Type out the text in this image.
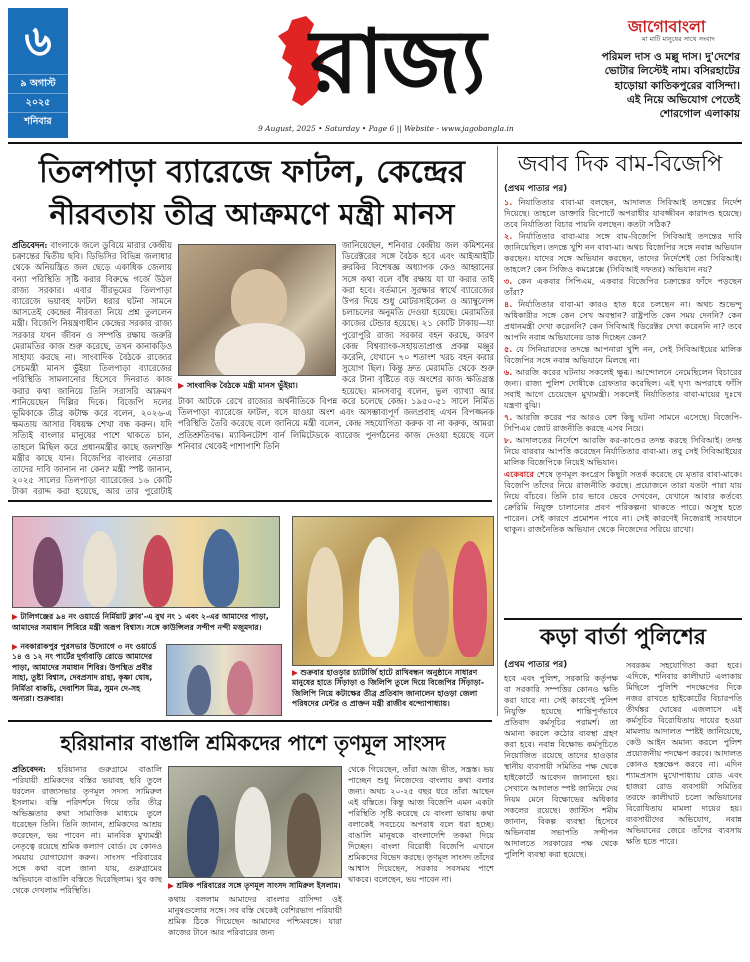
৬
৯ অগাস্ট
২০২৫
শনিবার
রাজ্য
9 August, 2025 • Saturday • Page 6 || Website - www.jagobangla.in
জাগোবাংলা
মা মাটি মানুষের সাথে সংবাদ
পরিমল দাস ও মল্লু দাস। দু'দেশের ভোটার লিস্টেই নাম। বসিরহাটের হাড়োয়া কাতিকপুরের বাসিন্দা। এই নিয়ে অভিযোগ পেতেই শোরগোল এলাকায়
তিলপাড়া ব্যারেজে ফাটল, কেন্দ্রের
নীরবতায় তীব্র আক্রমণে মন্ত্রী মানস
প্রতিবেদন: বাংলাকে জলে ডুবিয়ে মারার কেন্দ্রীয় চক্রান্তের দ্বিতীয় ছবি। ডিভিসির বিভিন্ন জলাধার থেকে অনিয়ন্ত্রিত জল ছেড়ে একাধিক জেলায় বন্যা পরিস্থিতি সৃষ্টি করার বিরুদ্ধে গর্জে উঠল রাজ্য সরকার। এবার বীরভূমের তিলপাড়া ব্যারেজে ভয়াবহ ফাটল ধরার ঘটনা সামনে আসতেই কেন্দ্রের নীরবতা নিয়ে প্রশ্ন তুললেন মন্ত্রী। বিজেপি নিয়ন্ত্রণাধীন কেন্দ্রের সরকার রাজ্য সরকার যখন জীবন ও সম্পত্তি রক্ষায় জরুরি মেরামতির কাজ শুরু করেছে, তখন কানাকড়িও সাহায্য করছে না। সাংবাদিক বৈঠকে রাজ্যের সেচমন্ত্রী মানস ভুঁইয়া তিলপাড়া ব্যারেজের পরিস্থিতি সামলানোর হিসেবে দিনরাত কাজ করার কথা জানিয়ে তিনি সরাসরি আক্রমণ শানিয়েছেন দিল্লির দিকে। বিজেপি দলের ভূমিকাকে তীব্র কটাক্ষ করে বলেন, ২০২৬-এ ক্ষমতায় আসার বিষয়ক্ষ শেখা বন্ধ করুন। যদি সত্যিই বাংলার মানুষের পাশে থাকতে চান, তাহলে মিছিল করে প্রধানমন্ত্রীর কাছে জলশক্তি মন্ত্রীর কাছে যান। বিজেপির বাংলার নেতারা তাদের দাবি জানান না কেন? মন্ত্রী স্পষ্ট জানান, ২০২৫ সালের তিলপাড়া ব্যারেজের ১৬ কোটি টাকা বরাদ্দ করা হয়েছে, আর তার পুরোটাই
▶ সাংবাদিক বৈঠকে মন্ত্রী মানস ভুঁইয়া।
জানিয়েছেন, শনিবার কেন্দ্রীয় জল কমিশনের ডিরেক্টরের সঙ্গে বৈঠক হবে এবং আইআইটি রুরকির বিশেষজ্ঞ অধ্যাপক কেও আহ্বানের সঙ্গে কথা বলে বাঁধ রক্ষায় যা যা করার তাই করা হবে। বর্তমানে সুরক্ষার স্বার্থে ব্যারেজের উপর দিয়ে শুধু মোটরসাইকেল ও অ্যাম্বুলেন্স চলাচলের অনুমতি দেওয়া হয়েছে। মেরামতির কাজের টেন্ডার হয়েছে। ২১ কোটি টাকায়—যা পুরোপুরি রাজ্য সরকার বহন করছে, কারণ কেন্দ্র বিশ্বব্যাংক-সহায়তাপ্রাপ্ত প্রকল্প মঞ্জুর করেনি, যেখানে ৭০ শতাংশ খরচ বহন করার সুযোগ ছিল। কিন্তু দ্রুত মেরামতি থেকে শুরু করে টানা বৃষ্টিতে বড় অংশের কাজ ক্ষতিগ্রস্ত হয়েছে। মানসবাবু বলেন, ভুল ব্যাখ্যা আর
টাকা আটকে রেখে রাজ্যের অর্থনীতিকে বিপন্ন করে চলেছে কেন্দ্র। ১৯৫০-৫১ সালে নির্মিত তিলপাড়া ব্যারেজে ফাটল, বসে যাওয়া অংশ এবং অসম্ভাব্যপূর্ণ জলপ্রবাহ এখন বিপজ্জনক পরিস্থিতি তৈরি করেছে বলে জানিয়ে মন্ত্রী বলেন, কেন্দ্র সহযোগিতা করুক বা না করুক, আমরা প্রতিশ্রুতিবদ্ধ। ম্যাকিনটোশ বার্ন লিমিটেডকে ব্যারেজ পুনর্গঠনের কাজ দেওয়া হয়েছে বলে শনিবার থেকেই পাশাপাশি তিনি
জবাব দিক বাম-বিজেপি
(প্রথম পাতার পর)

১. নিযাতিতার বাবা-মা বলছেন, আদালত সিবিআই তদন্তের নির্দেশ দিয়েছে। তাহলে ডাক্তারি রিপোর্টে অপরাধীর যাবজ্জীবন কারাদণ্ড হয়েছে। তবে নির্যাতিতা বিচার পায়নি বলছেন। কতটা সঠিক?

২. নির্যাতিতার বাবা-মার সঙ্গে বাম-বিজেপি সিবিআই তদন্তের দাবি জানিয়েছিল। তদন্তে খুশি নন বাবা-মা। অথচ বিজেপির সঙ্গে নবান্ন অভিযান করছেন। যাদের সঙ্গে অভিযান করছেন, তাদের নির্দেশেই তো সিবিআই। তাহলে? কেন সিজিও কমপ্লেক্সে (সিবিআই দফতর) অভিযান নয়?

৩. কেন একবার সিপিএম, একবার বিজেপির চক্রান্তের ফাঁদে পড়ছেন তাঁরা?

৪. নির্যাতিতার বাবা-মা কারও হাত ধরে চলছেন না। অথচ শুভেন্দু অধিকারীর সঙ্গে কেন সেখ অবস্থান? রাষ্ট্রপতি কেন সময় দেননি? কেন প্রধানমন্ত্রী দেখা করেননি? কেন সিবিআই ডিরেক্টর দেখা করেননি না? তবে আপনি নবান্ন অভিযানের ডাক দিচ্ছেন কেন?

৫. যে সিনিয়ারদের তদন্তে আপনারা খুশি নন, সেই সিবিআইয়ের মালিক বিজেপির সঙ্গে নবান্ন অভিযানে মিলছে না।

৬. আরজি করের ঘটনায় সকলেই ক্ষুব্ধ। আন্দোলনে নেমেছিলেন বিচারের জন্য। রাজ্য পুলিশ দোষীকে গ্রেফতার করেছিল। এই ঘৃণ্য অপরাধে ফাঁসি সবাই আগে চেয়েছেন মুখ্যমন্ত্রী। সকলেই নির্যাতিতার বাবা-মায়ের দুঃখে যন্ত্রণা বুঝি।

৭. আরজি করের পর আরও বেশ কিছু ঘটনা সামনে এসেছে। বিজেপি-সিপিএম জোট রাজনীতি করছে এসব নিয়ে।

৮. আদালতের নির্দেশে আরজি কর-কাণ্ডের তদন্ত করছে সিবিআই। তদন্ত নিয়ে বারবার আপত্তি করেছেন নির্যাতিতার বাবা-মা। তবু সেই সিবিআইয়ের মালিক বিজেপিকে নিয়েই অভিযান।

একেবারে শেষে তৃণমূল কংগ্রেস কিছুটা সতর্ক করেছে যে মৃতার বাবা-মাকে। বিজেপি তাঁদের নিয়ে রাজনীতি করছে। প্রয়োজনে তারা যতটা পারা যায় নিয়ে বাঁচবে। তিনি চার ভাবে ভেবে দেখবেন, যেখানে আবার কর্তব্যে ক্রেরিমি নিযুক্ত চালানোর প্রবণ পরিকল্পনা থাকতে পারে। অসুস্থ হতে পারেন। সেই কারণে প্রমোশন পাবে না। সেই কারণেই নিজেরাই সাবধানে থাকুন। রাজনৈতিক অভিযান থেকে নিজেদের সরিয়ে রাখো।

▶ টালিগঞ্জের ৯৪ নং ওয়ার্ডে নির্মিয়াট ক্লাব'-এ বুথ নং ১ এবং ২-এর আমাদের পাড়া, আমাদের সমাধান শিবিরে মন্ত্রী অরূপ বিশ্বাস। সঙ্গে কাউন্সিলর সন্দীপ নন্দী মজুমদার।
▶ নবকারাকপুর পুরসভার উদ্যোগে ৩ নং ওয়ার্ডে ১৪ ও ১২ নং পার্টের দুর্গাবাড়ি রোডে আমাদের পাড়া, আমাদের সমাধান শিবির। উপস্থিত প্রবীর সাহা, তুষ্টা বিশ্বাস, দেবপ্রসাদ রাহা, কৃষ্ণা ঘোষ, নির্মিতা বাকচি, দেবাশিস মিত্র, সুমন দে-সহ অন্যরা। শুক্রবার।
▶ শুক্রবার হাওড়ার চ্যাটার্জি হাটে রাখিবন্ধন অনুষ্ঠানে সাধারণ মানুষের হাতে সিঁড়াড়া ও জিলিপি তুলে দিয়ে বিজেপির সিঁড়াড়া-জিলিপি নিয়ে কটাক্ষের তীব্র প্রতিবাদ জানালেন হাওড়া জেলা পরিষদের মেন্টর ও প্রাক্তন মন্ত্রী রাজীব বন্দ্যোপাধ্যায়।
কড়া বার্তা পুলিশের
(প্রথম পাতার পর)
হবে এবং পুলিশ, সরকারি কর্তৃপক্ষ বা সরকারি সম্পত্তির কোনও ক্ষতি করা যাবে না। সেই কারণেই পুলিশ নিযুক্তি হয়েছে শান্তিপূর্ণভাবে প্রতিবাদ কর্মসূচির পরামর্শ। তা অমান্য করলে কঠোর ব্যবস্থা গ্রহণ করা হবে। নবান্ন বিক্ষোভ কর্মসূচিতে নিয়োজিত রয়েছে তাদের হাওড়ার স্থানীয় ব্যবসায়ী সমিতির পক্ষ থেকে হাইকোর্টে আবেদন জানানো হয়। সেখানে আদালত স্পষ্ট জানিয়ে দেয় নিয়ম মেনে বিক্ষোভের অধিকার সকলের রয়েছে। জাস্টিস শমীম জানান, বিকল্প ব্যবস্থা হিসেবে অভিনবান্ন সভাপতি সন্দীপন আদালতে সরকারের পক্ষ থেকে পুলিশি ব্যবস্থা করা হয়েছে।
সবরকম সহযোগিতা করা হবে। এদিকে, শনিবার কালীঘাট এলাকায় মিছিলে পুলিশি পদক্ষেপের দিকে নজর রাখতে হাইকোর্টের বিচারপতি তীর্থঙ্কর ঘোষের এজলাসে এই কর্মসূচির বিরোধিতায় দায়ের হওয়া মামলায় আদালত স্পষ্টই জানিয়েছে, কেউ আইন অমান্য করলে পুলিশ প্রয়োজনীয় পদক্ষেপ করবে। আদালত কোনও হস্তক্ষেপ করবে না। এদিন শ্যামপ্রসাদ মুখোপাধ্যায় রোড এবং হাজরা রোড ব্যবসায়ী সমিতির তরফে কালীঘাট চলো অভিযানের বিরোধিতায় মামলা দায়ের হয়। ব্যবসায়ীদের অভিযোগ, নবান্ন অভিযানের জেরে তাঁদের ব্যবসায় ক্ষতি হতে পারে।
হরিয়ানার বাঙালি শ্রমিকদের পাশে তৃণমূল সাংসদ
প্রতিবেদন: হরিয়ানার গুরুগ্রামে বাঙালি পরিযায়ী শ্রমিকদের বস্তির ভয়াবহ ছবি তুলে ধরলেন রাজ্যসভার তৃণমূল সদস্য সামিরুল ইসলাম। বস্তি পরিদর্শনে গিয়ে তাঁর তীব্র অভিজ্ঞতার কথা সামাজিক মাধ্যমে তুলে ধরেছেন তিনি। তিনি জানান, শ্রমিকদের আশ্রয় করেছেন, ভয় পাবেন না। মানবিক মুখ্যমন্ত্রী নেতৃত্বে রয়েছে শ্রমিক কল্যাণ বোর্ড। যে কোনও সময়ায় যোগাযোগ করুন। সাংসদ পরিবারের সঙ্গে কথা বলে জানা যায়, গুরুগ্রামের অভিযানে বাঙালি বস্তিতে ঘিরেছিলাম। খুব কাছ থেকে দেখলাম পরিস্থিতি।
▶ শ্রমিক পরিবারের সঙ্গে তৃণমূল সাংসদ সামিরুল ইসলাম।
কথায় বললাম আমাদের বাংলার বাসিন্দা ওই মানুষগুলোর সঙ্গে। সব বস্তি থেকেই বেশিরভাগ পরিযায়ী শ্রমিক ঠিকে গিয়েছেন আমাদের পশ্চিমবঙ্গে। যারা কাজের টানে আর পরিবারের জন্য
থেকে গিয়েছেন, তাঁরা আজ ভীত, সন্ত্রস্ত। ভয় পাচ্ছেন শুধু নিজেদের বাংলায় কথা বলার জন্য। অথচ ২০-২৫ বছর ধরে তাঁরা আছেন এই বস্তিতে। কিন্তু আজ বিজেপি এমন একটা পরিস্থিতি সৃষ্টি করেছে যে বাংলা ভাষায় কথা বলাকেই সবচেয়ে অপরাধ বলে ধরা হচ্ছে। বাঙালি মানুষকে বাংলাদেশি তকমা দিয়ে দিচ্ছেন। বাংলা বিরোধী বিজেপি এখানে শ্রমিকদের বিভেদ করছে। তৃণমূল সাংসদ তাঁদের আশ্বাস দিয়েছেন, সরকার সবসময় পাশে থাকবে। বলেছেন, ভয় পাবেন না।
